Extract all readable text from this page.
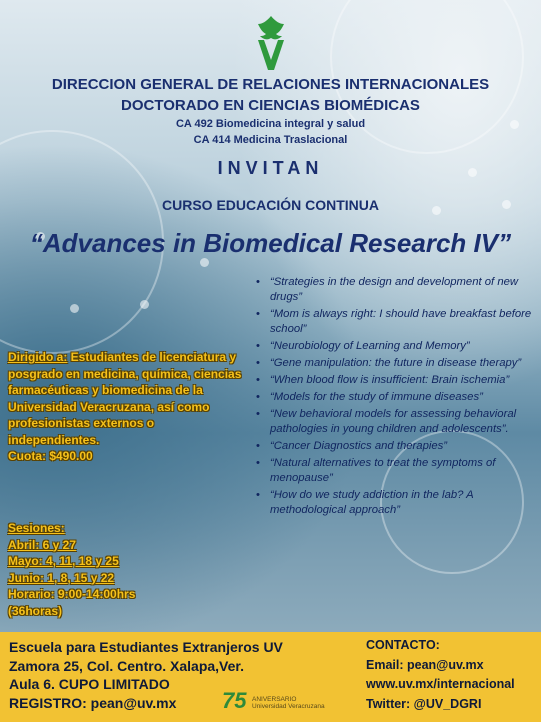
DIRECCION GENERAL DE RELACIONES INTERNACIONALES
DOCTORADO EN CIENCIAS BIOMÉDICAS
CA 492 Biomedicina integral y salud
CA 414 Medicina Traslacional
INVITAN
CURSO EDUCACIÓN CONTINUA
“Advances in Biomedical Research IV”
• “Strategies in the design and development of new drugs”
• “Mom is always right: I should have breakfast before school”
• “Neurobiology of Learning and Memory”
• “Gene manipulation: the future in disease therapy”
• “When blood flow is insufficient: Brain ischemia”
• “Models for the study of immune diseases”
• “New behavioral models for assessing behavioral pathologies in young children and adolescents”.
• “Cancer Diagnostics and therapies”
• “Natural alternatives to treat the symptoms of menopause”
• “How do we study addiction in the lab? A methodological approach”
Dirigido a: Estudiantes de licenciatura y posgrado en medicina, química, ciencias farmacéuticas y biomedicina de la Universidad Veracruzana, así como profesionistas externos o independientes.
Cuota: $490.00
Sesiones:
Abril: 6 y 27
Mayo: 4, 11, 18 y 25
Junio: 1, 8, 15 y 22
Horario: 9:00-14:00hrs
(36horas)
Escuela para Estudiantes Extranjeros UV
Zamora 25, Col. Centro. Xalapa,Ver.
Aula 6. CUPO LIMITADO
REGISTRO: pean@uv.mx	75 ANIVERSARIO
Universidad Veracruzana
CONTACTO:
Email: pean@uv.mx
www.uv.mx/internacional
Twitter: @UV_DGRI
